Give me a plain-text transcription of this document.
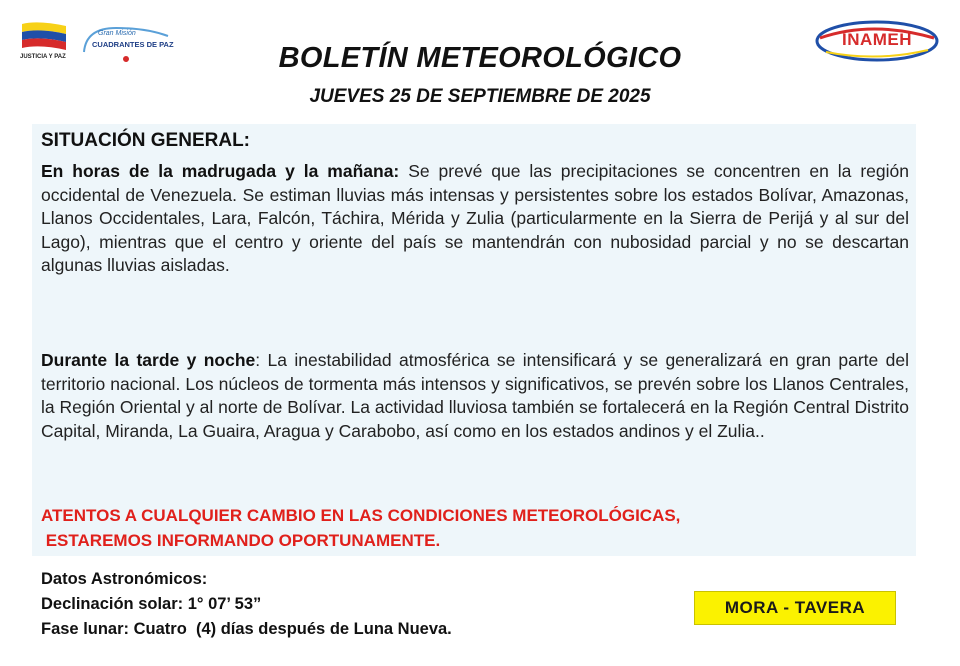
JUSTICIA Y PAZ
Gran Misión
CUADRANTES DE PAZ	INAMEH
BOLETÍN METEOROLÓGICO
JUEVES 25 DE SEPTIEMBRE DE 2025
SITUACIÓN GENERAL:

En horas de la madrugada y la mañana: Se prevé que las precipitaciones se concentren en la región occidental de Venezuela. Se estiman lluvias más intensas y persistentes sobre los estados Bolívar, Amazonas, Llanos Occidentales, Lara, Falcón, Táchira, Mérida y Zulia (particularmente en la Sierra de Perijá y al sur del Lago), mientras que el centro y oriente del país se mantendrán con nubosidad parcial y no se descartan algunas lluvias aisladas.

Durante la tarde y noche: La inestabilidad atmosférica se intensificará y se generalizará en gran parte del territorio nacional. Los núcleos de tormenta más intensos y significativos, se prevén sobre los Llanos Centrales, la Región Oriental y al norte de Bolívar. La actividad lluviosa también se fortalecerá en la Región Central Distrito Capital, Miranda, La Guaira, Aragua y Carabobo, así como en los estados andinos y el Zulia..

ATENTOS A CUALQUIER CAMBIO EN LAS CONDICIONES METEOROLÓGICAS,
ESTAREMOS INFORMANDO OPORTUNAMENTE.
Datos Astronómicos:
Declinación solar: 1° 07’ 53”
Fase lunar: Cuatro  (4) días después de Luna Nueva.
MORA - TAVERA
